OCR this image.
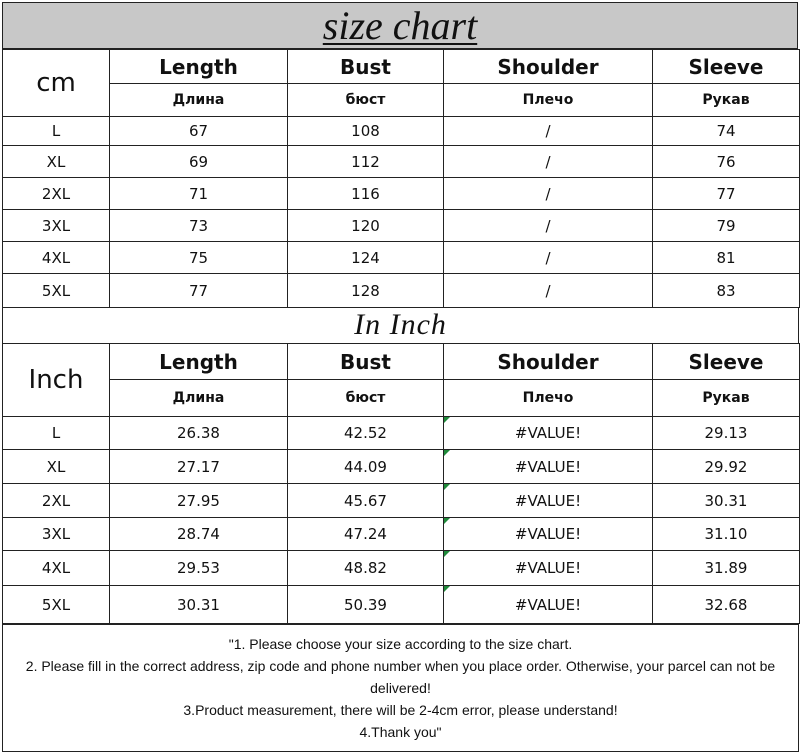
size chart
cm	Length	Bust	Shoulder	Sleeve
	Длина	бюст	Плечо	Рукав
L	67	108	/	74
XL	69	112	/	76
2XL	71	116	/	77
3XL	73	120	/	79
4XL	75	124	/	81
5XL	77	128	/	83
In Inch
Inch	Length	Bust	Shoulder	Sleeve
	Длина	бюст	Плечо	Рукав
L	26.38	42.52	#VALUE!	29.13
XL	27.17	44.09	#VALUE!	29.92
2XL	27.95	45.67	#VALUE!	30.31
3XL	28.74	47.24	#VALUE!	31.10
4XL	29.53	48.82	#VALUE!	31.89
5XL	30.31	50.39	#VALUE!	32.68

"1. Please choose your size according to the size chart.

2. Please fill in the correct address, zip code and phone number when you place order. Otherwise, your parcel can not be delivered!

3.Product measurement, there will be 2-4cm error, please understand!

4.Thank you"
